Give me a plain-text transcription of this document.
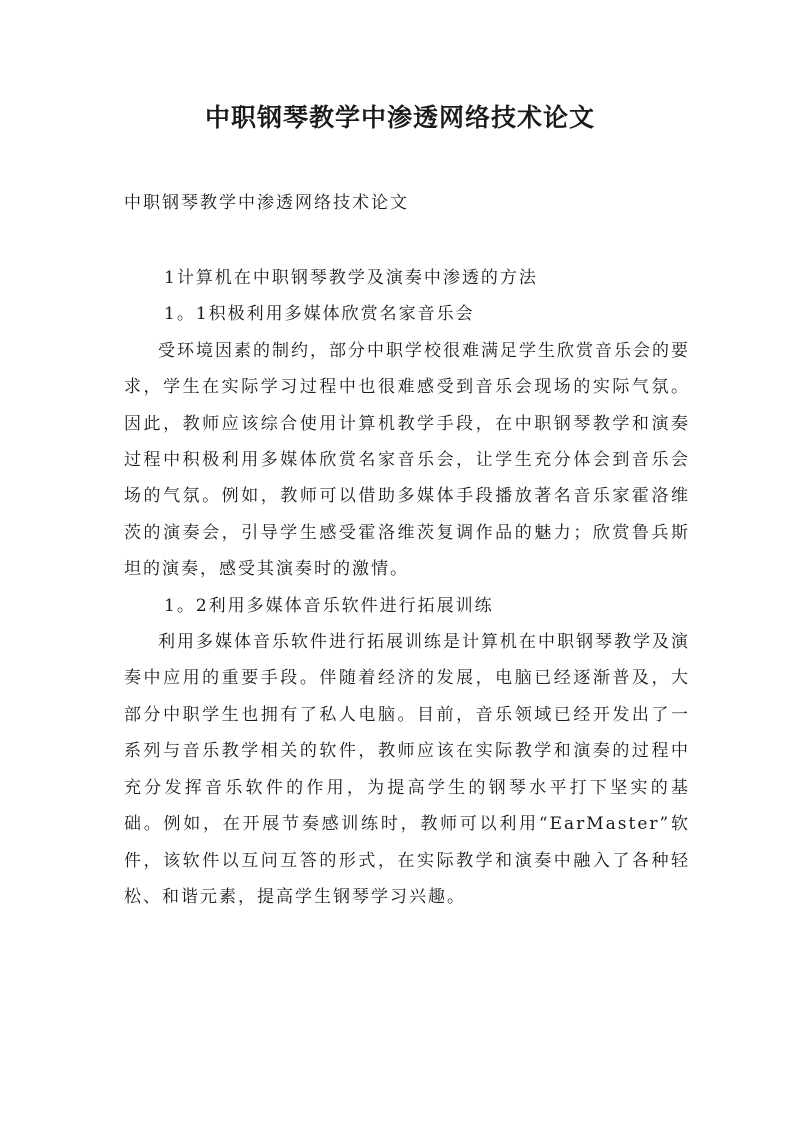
中职钢琴教学中渗透网络技术论文
中职钢琴教学中渗透网络技术论文

1计算机在中职钢琴教学及演奏中渗透的方法

1。1积极利用多媒体欣赏名家音乐会

受环境因素的制约，部分中职学校很难满足学生欣赏音乐会的要求，学生在实际学习过程中也很难感受到音乐会现场的实际气氛。因此，教师应该综合使用计算机教学手段，在中职钢琴教学和演奏过程中积极利用多媒体欣赏名家音乐会，让学生充分体会到音乐会场的气氛。例如，教师可以借助多媒体手段播放著名音乐家霍洛维茨的演奏会，引导学生感受霍洛维茨复调作品的魅力；欣赏鲁兵斯坦的演奏，感受其演奏时的激情。

1。2利用多媒体音乐软件进行拓展训练

利用多媒体音乐软件进行拓展训练是计算机在中职钢琴教学及演奏中应用的重要手段。伴随着经济的发展，电脑已经逐渐普及，大部分中职学生也拥有了私人电脑。目前，音乐领域已经开发出了一系列与音乐教学相关的软件，教师应该在实际教学和演奏的过程中充分发挥音乐软件的作用，为提高学生的钢琴水平打下坚实的基础。例如，在开展节奏感训练时，教师可以利用“EarMaster”软件，该软件以互问互答的形式，在实际教学和演奏中融入了各种轻松、和谐元素，提高学生钢琴学习兴趣。
